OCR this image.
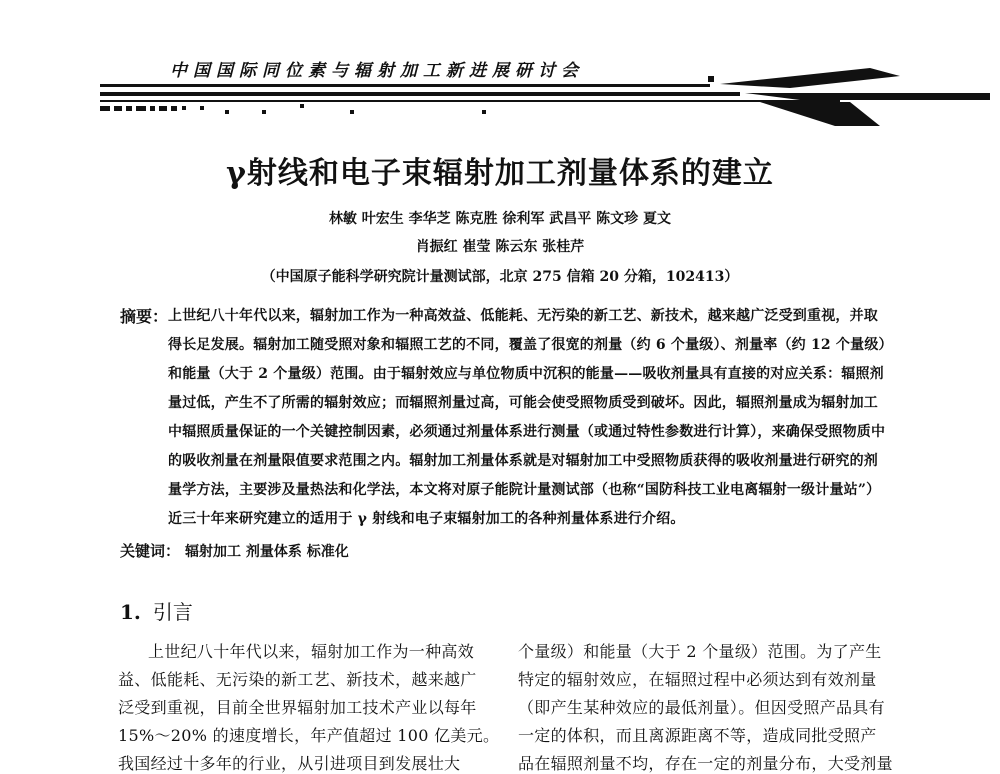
中国国际同位素与辐射加工新进展研讨会
γ射线和电子束辐射加工剂量体系的建立
林敏 叶宏生 李华芝 陈克胜 徐利军 武昌平 陈文珍 夏文
肖振红 崔莹 陈云东 张桂芹
（中国原子能科学研究院计量测试部，北京 275 信箱 20 分箱，102413）
摘要： 上世纪八十年代以来，辐射加工作为一种高效益、低能耗、无污染的新工艺、新技术，越来越广泛受到重视，并取
得长足发展。辐射加工随受照对象和辐照工艺的不同，覆盖了很宽的剂量（约 6 个量级）、剂量率（约 12 个量级）
和能量（大于 2 个量级）范围。由于辐射效应与单位物质中沉积的能量——吸收剂量具有直接的对应关系：辐照剂
量过低，产生不了所需的辐射效应；而辐照剂量过高，可能会使受照物质受到破坏。因此，辐照剂量成为辐射加工
中辐照质量保证的一个关键控制因素，必须通过剂量体系进行测量（或通过特性参数进行计算），来确保受照物质中
的吸收剂量在剂量限值要求范围之内。辐射加工剂量体系就是对辐射加工中受照物质获得的吸收剂量进行研究的剂
量学方法，主要涉及量热法和化学法，本文将对原子能院计量测试部（也称“国防科技工业电离辐射一级计量站”）
近三十年来研究建立的适用于 γ 射线和电子束辐射加工的各种剂量体系进行介绍。
关键词： 辐射加工 剂量体系 标准化
1. 引言
上世纪八十年代以来，辐射加工作为一种高效
益、低能耗、无污染的新工艺、新技术，越来越广
泛受到重视，目前全世界辐射加工技术产业以每年
15%～20% 的速度增长，年产值超过 100 亿美元。
我国经过十多年的行业，从引进项目到发展壮大
个量级）和能量（大于 2 个量级）范围。为了产生
特定的辐射效应，在辐照过程中必须达到有效剂量
（即产生某种效应的最低剂量）。但因受照产品具有
一定的体积，而且离源距离不等，造成同批受照产
品在辐照剂量不均，存在一定的剂量分布，大受剂量
